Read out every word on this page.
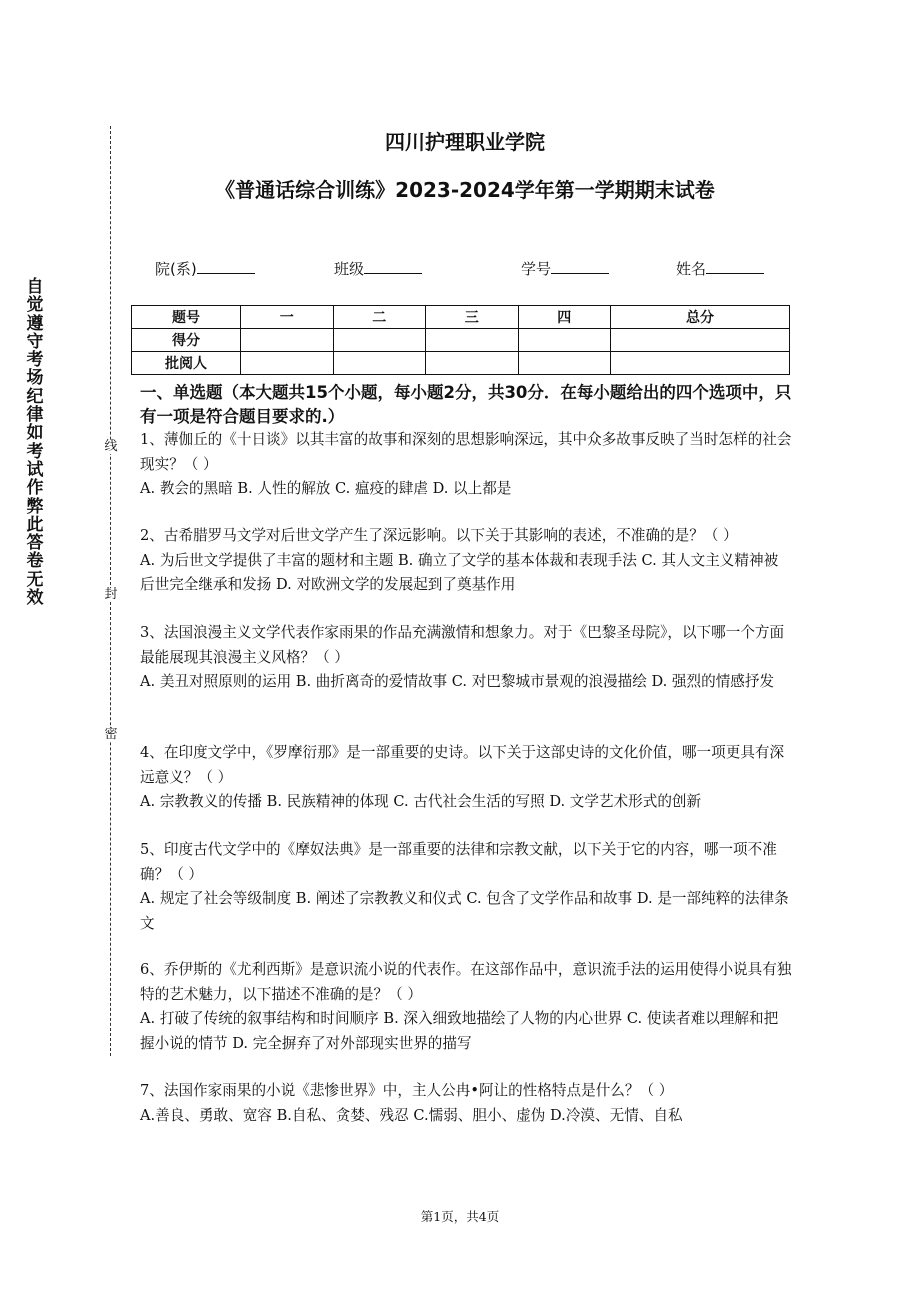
自觉遵守考场纪律如考试作弊此答卷无效
线
封
密
四川护理职业学院
《普通话综合训练》2023-2024学年第一学期期末试卷
院(系)	班级	学号	姓名
题号	一	二	三	四	总分
得分					
批阅人					
一、单选题（本大题共15个小题，每小题2分，共30分．在每小题给出的四个选项中，只有一项是符合题目要求的.）

1、薄伽丘的《十日谈》以其丰富的故事和深刻的思想影响深远，其中众多故事反映了当时怎样的社会现实？（ ）

A. 教会的黑暗 B. 人性的解放 C. 瘟疫的肆虐 D. 以上都是

2、古希腊罗马文学对后世文学产生了深远影响。以下关于其影响的表述，不准确的是？（ ）

A. 为后世文学提供了丰富的题材和主题 B. 确立了文学的基本体裁和表现手法 C. 其人文主义精神被后世完全继承和发扬 D. 对欧洲文学的发展起到了奠基作用

3、法国浪漫主义文学代表作家雨果的作品充满激情和想象力。对于《巴黎圣母院》，以下哪一个方面最能展现其浪漫主义风格？（ ）

A. 美丑对照原则的运用 B. 曲折离奇的爱情故事 C. 对巴黎城市景观的浪漫描绘 D. 强烈的情感抒发

4、在印度文学中，《罗摩衍那》是一部重要的史诗。以下关于这部史诗的文化价值，哪一项更具有深远意义？（ ）

A. 宗教教义的传播 B. 民族精神的体现 C. 古代社会生活的写照 D. 文学艺术形式的创新

5、印度古代文学中的《摩奴法典》是一部重要的法律和宗教文献，以下关于它的内容，哪一项不准确？（ ）

A. 规定了社会等级制度 B. 阐述了宗教教义和仪式 C. 包含了文学作品和故事 D. 是一部纯粹的法律条文

6、乔伊斯的《尤利西斯》是意识流小说的代表作。在这部作品中，意识流手法的运用使得小说具有独特的艺术魅力，以下描述不准确的是？（ ）

A. 打破了传统的叙事结构和时间顺序 B. 深入细致地描绘了人物的内心世界 C. 使读者难以理解和把握小说的情节 D. 完全摒弃了对外部现实世界的描写

7、法国作家雨果的小说《悲惨世界》中，主人公冉•阿让的性格特点是什么？（ ）

A.善良、勇敢、宽容 B.自私、贪婪、残忍 C.懦弱、胆小、虚伪 D.冷漠、无情、自私

第1页，共4页
